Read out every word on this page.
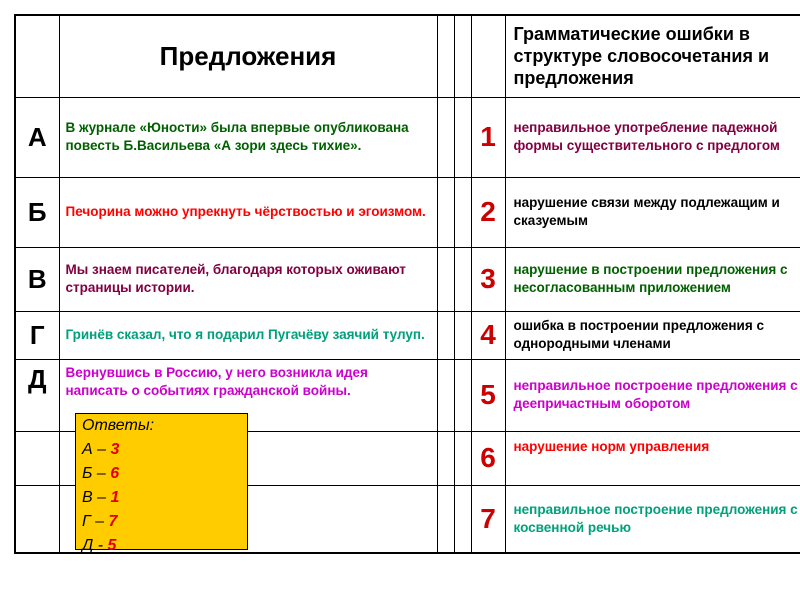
	Предложения				Грамматические ошибки в структуре словосочетания и предложения
А	В журнале «Юности» была впервые опубликована повесть Б.Васильева «А зори здесь тихие».			1	неправильное употребление падежной формы существительного с предлогом
Б	Печорина можно упрекнуть чёрствостью и эгоизмом.			2	нарушение связи между подлежащим и сказуемым
В	Мы знаем писателей, благодаря которых оживают страницы истории.			3	нарушение в построении предложения с несогласованным приложением
Г	Гринёв сказал, что я подарил Пугачёву заячий тулуп.			4	ошибка в построении предложения с однородными членами
Д	Вернувшись в Россию, у него возникла идея написать о событиях гражданской войны.			5	неправильное построение предложения с деепричастным оборотом
				6	нарушение норм управления
				7	неправильное построение предложения с косвенной речью
Ответы:
А – 3
Б – 6
В – 1
Г – 7
Д - 5
